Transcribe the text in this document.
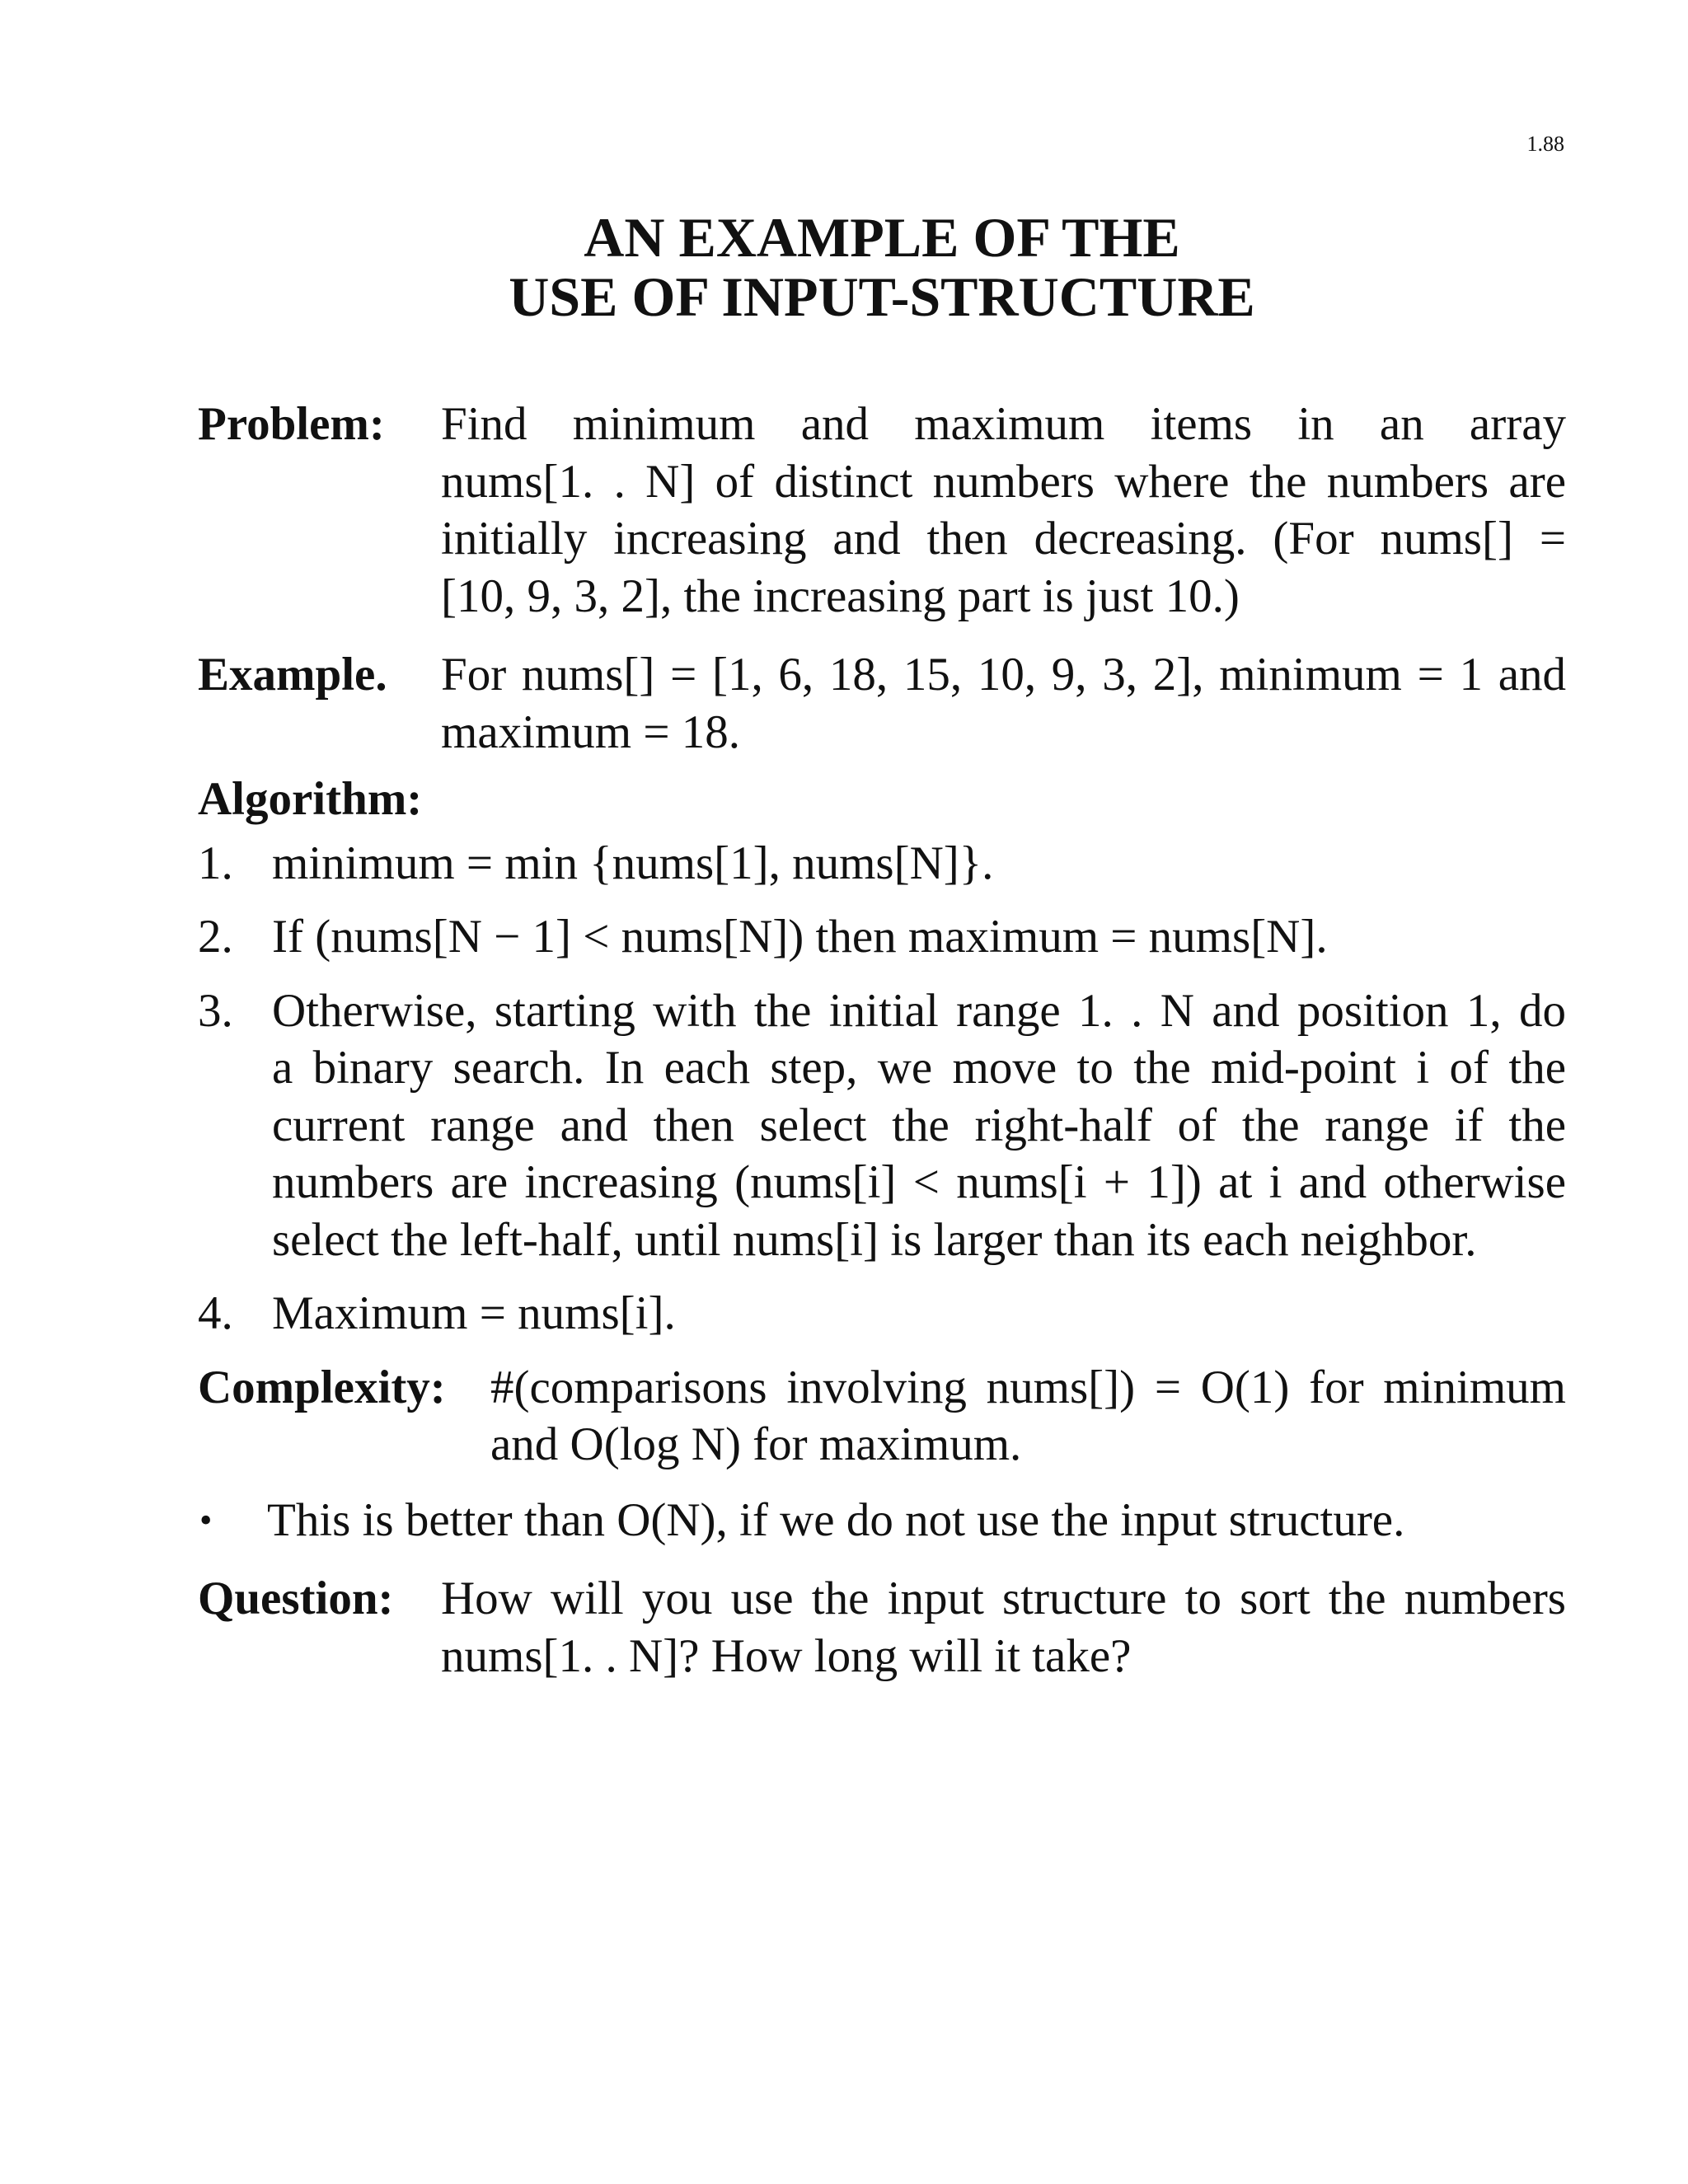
1.88
AN EXAMPLE OF THE
USE OF INPUT-STRUCTURE
Problem:	Find minimum and maximum items in an array
nums[1. . N] of distinct numbers where the numbers are
initially increasing and then decreasing. (For nums[] =
[10, 9, 3, 2], the increasing part is just 10.)
Example.	For nums[] = [1, 6, 18, 15, 10, 9, 3, 2], minimum = 1 and
maximum = 18.
Algorithm:
1. minimum = min {nums[1], nums[N]}.
2. If (nums[N − 1] < nums[N]) then maximum = nums[N].
3. Otherwise, starting with the initial range 1. . N and position 1, do
a binary search. In each step, we move to the mid-point i of the
current range and then select the right-half of the range if the
numbers are increasing (nums[i] < nums[i + 1]) at i and otherwise
select the left-half, until nums[i] is larger than its each neighbor.
4. Maximum = nums[i].
Complexity: #(comparisons involving nums[]) = O(1) for minimum
and O(log N) for maximum.
•	This is better than O(N), if we do not use the input structure.
Question:	How will you use the input structure to sort the numbers
nums[1. . N]? How long will it take?
